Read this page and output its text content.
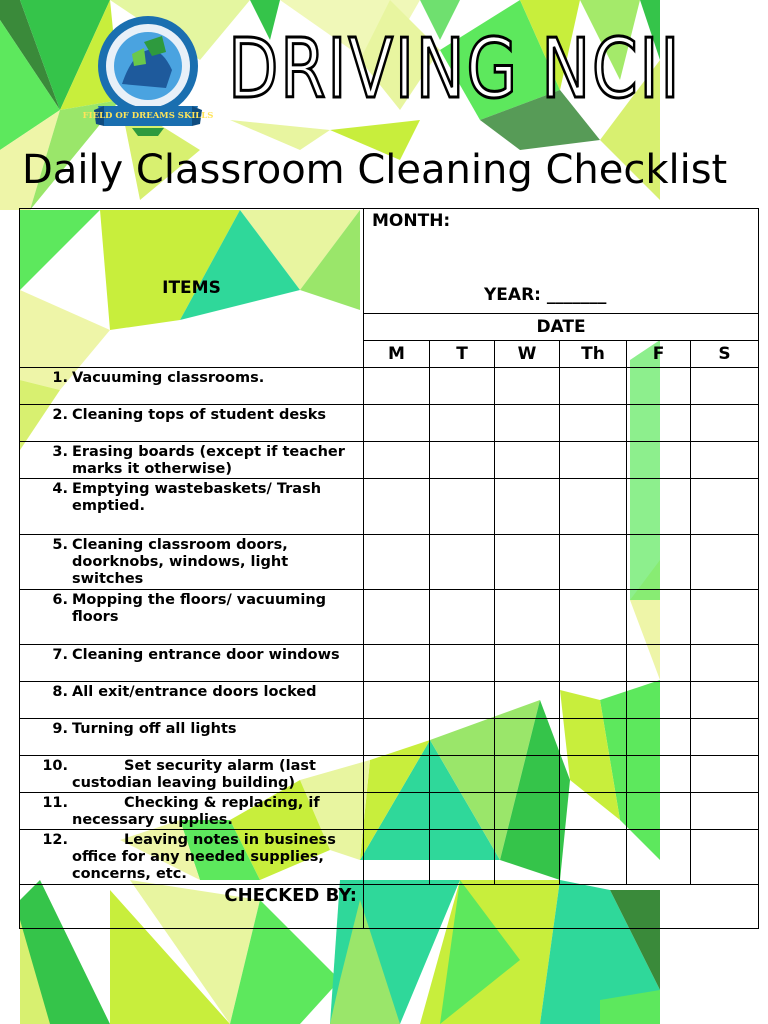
FIELD OF DREAMS SKILLS DRIVING NCII
Daily Classroom Cleaning Checklist
ITEMS	MONTH:
YEAR: _______					

	DATE					
	M	T	W	Th	F	S
1. Vacuuming classrooms.						
2. Cleaning tops of student desks						
3. Erasing boards (except if teacher
marks it otherwise)						

4. Emptying wastebaskets/ Trash
emptied.						

5. Cleaning classroom doors,
doorknobs, windows, light
switches						

6. Mopping the floors/ vacuuming
floors						

7. Cleaning entrance door windows						
8. All exit/entrance doors locked						
9. Turning off all lights						
10. Set security alarm (last
custodian leaving building)						

11. Checking & replacing, if
necessary supplies.						

12. Leaving notes in business
office for any needed supplies,
concerns, etc.						

CHECKED BY:						
